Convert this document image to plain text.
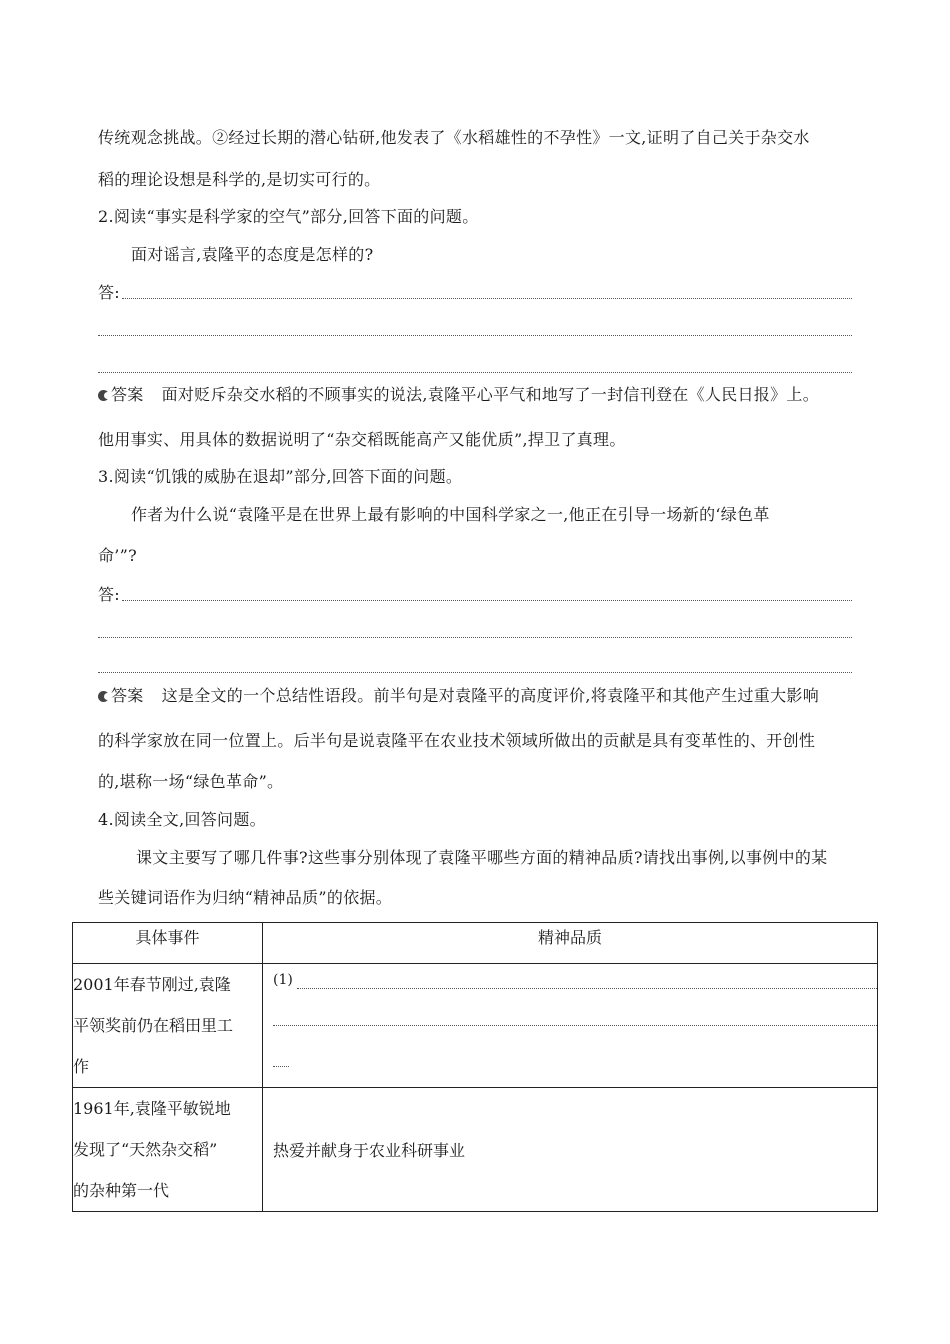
传统观念挑战。②经过长期的潜心钻研,他发表了《水稻雄性的不孕性》一文,证明了自己关于杂交水
稻的理论设想是科学的,是切实可行的。
2.阅读“事实是科学家的空气”部分,回答下面的问题。
面对谣言,袁隆平的态度是怎样的?
答:
答案 面对贬斥杂交水稻的不顾事实的说法,袁隆平心平气和地写了一封信刊登在《人民日报》上。
他用事实、用具体的数据说明了“杂交稻既能高产又能优质”,捍卫了真理。
3.阅读“饥饿的威胁在退却”部分,回答下面的问题。
作者为什么说“袁隆平是在世界上最有影响的中国科学家之一,他正在引导一场新的‘绿色革
命’”?
答:
答案 这是全文的一个总结性语段。前半句是对袁隆平的高度评价,将袁隆平和其他产生过重大影响
的科学家放在同一位置上。后半句是说袁隆平在农业技术领域所做出的贡献是具有变革性的、开创性
的,堪称一场“绿色革命”。
4.阅读全文,回答问题。
课文主要写了哪几件事?这些事分别体现了袁隆平哪些方面的精神品质?请找出事例,以事例中的某
些关键词语作为归纳“精神品质”的依据。
具体事件	精神品质

2001年春节刚过,袁隆
平领奖前仍在稻田里工
作	(1)

1961年,袁隆平敏锐地
发现了“天然杂交稻”
的杂种第一代	热爱并献身于农业科研事业
